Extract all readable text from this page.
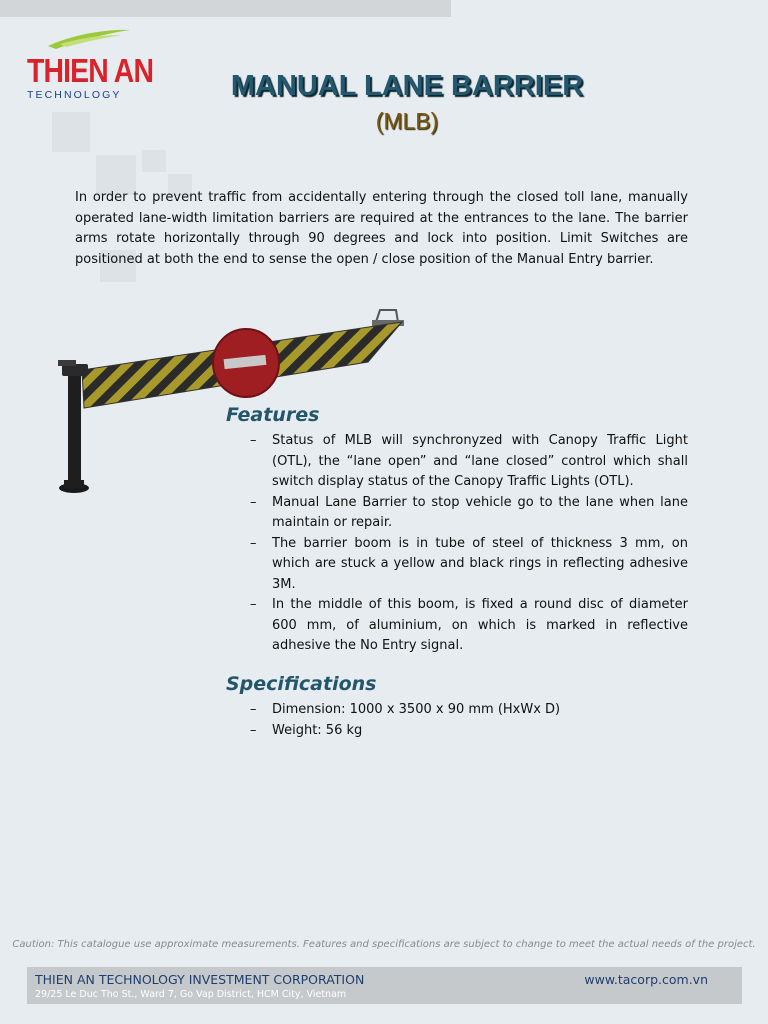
THIEN AN
TECHNOLOGY	MANUAL LANE BARRIER
(MLB)

In order to prevent traffic from accidentally entering through the closed toll lane, manually operated lane-width limitation barriers are required at the entrances to the lane. The barrier arms rotate horizontally through 90 degrees and lock into position. Limit Switches are positioned at both the end to sense the open / close position of the Manual Entry barrier.

Features
– Status of MLB will synchronyzed with Canopy Traffic Light (OTL), the “lane open” and “lane closed” control which shall switch display status of the Canopy Traffic Lights (OTL).
– Manual Lane Barrier to stop vehicle go to the lane when lane maintain or repair.
– The barrier boom is in tube of steel of thickness 3 mm, on which are stuck a yellow and black rings in reflecting adhesive 3M.
– In the middle of this boom, is fixed a round disc of diameter 600 mm, of aluminium, on which is marked in reflective adhesive the No Entry signal.
Specifications
– Dimension: 1000 x 3500 x 90 mm (HxWx D)
– Weight: 56 kg

Caution: This catalogue use approximate measurements. Features and specifications are subject to change to meet the actual needs of the project.

THIEN AN TECHNOLOGY INVESTMENT CORPORATION
29/25 Le Duc Tho St., Ward 7, Go Vap District, HCM City, Vietnam
www.tacorp.com.vn
